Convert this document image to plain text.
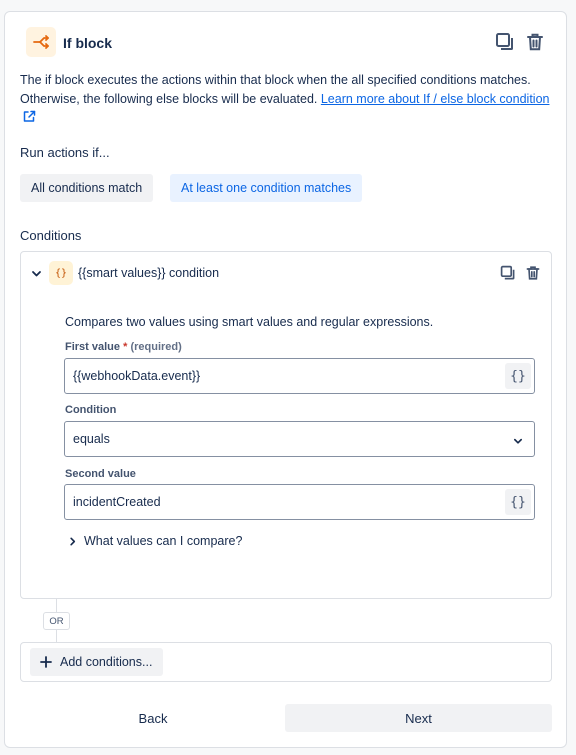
If block
The if block executes the actions within that block when the all specified conditions matches. Otherwise, the following else blocks will be evaluated. Learn more about If / else block condition
Run actions if...
All conditions match	At least one condition matches
Conditions
{} {{smart values}} condition
Compares two values using smart values and regular expressions.
First value * (required)
{{webhookData.event}}	{}
Condition
equals
Second value
incidentCreated	{}
What values can I compare?
OR
Add conditions...
Back	Next
